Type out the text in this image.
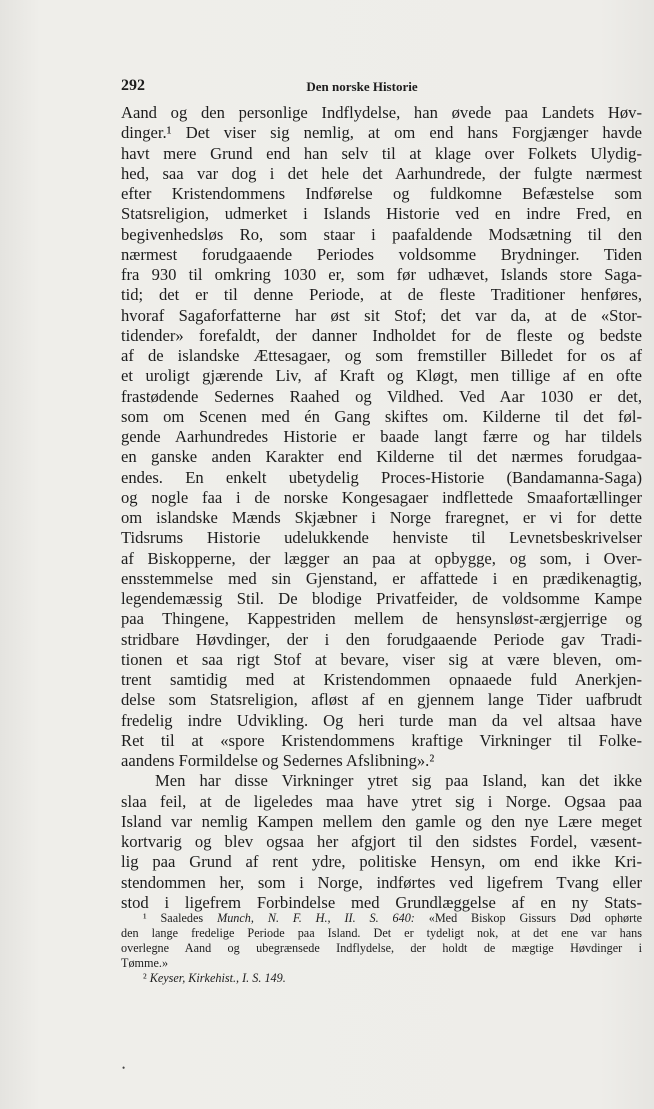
292	Den norske Historie
Aand og den personlige Indflydelse, han øvede paa Landets Høv-
dinger.¹ Det viser sig nemlig, at om end hans Forgjænger havde
havt mere Grund end han selv til at klage over Folkets Ulydig-
hed, saa var dog i det hele det Aarhundrede, der fulgte nærmest
efter Kristendommens Indførelse og fuldkomne Befæstelse som
Statsreligion, udmerket i Islands Historie ved en indre Fred, en
begivenhedsløs Ro, som staar i paafaldende Modsætning til den
nærmest forudgaaende Periodes voldsomme Brydninger. Tiden
fra 930 til omkring 1030 er, som før udhævet, Islands store Saga-
tid; det er til denne Periode, at de fleste Traditioner henføres,
hvoraf Sagaforfatterne har øst sit Stof; det var da, at de «Stor-
tidender» forefaldt, der danner Indholdet for de fleste og bedste
af de islandske Ættesagaer, og som fremstiller Billedet for os af
et uroligt gjærende Liv, af Kraft og Kløgt, men tillige af en ofte
frastødende Sedernes Raahed og Vildhed. Ved Aar 1030 er det,
som om Scenen med én Gang skiftes om. Kilderne til det føl-
gende Aarhundredes Historie er baade langt færre og har tildels
en ganske anden Karakter end Kilderne til det nærmes forudgaa-
endes. En enkelt ubetydelig Proces-Historie (Bandamanna-Saga)
og nogle faa i de norske Kongesagaer indflettede Smaafortællinger
om islandske Mænds Skjæbner i Norge fraregnet, er vi for dette
Tidsrums Historie udelukkende henviste til Levnetsbeskrivelser
af Biskopperne, der lægger an paa at opbygge, og som, i Over-
ensstemmelse med sin Gjenstand, er affattede i en prædikenagtig,
legendemæssig Stil. De blodige Privatfeider, de voldsomme Kampe
paa Thingene, Kappestriden mellem de hensynsløst-ærgjerrige og
stridbare Høvdinger, der i den forudgaaende Periode gav Tradi-
tionen et saa rigt Stof at bevare, viser sig at være bleven, om-
trent samtidig med at Kristendommen opnaaede fuld Anerkjen-
delse som Statsreligion, afløst af en gjennem lange Tider uafbrudt
fredelig indre Udvikling. Og heri turde man da vel altsaa have
Ret til at «spore Kristendommens kraftige Virkninger til Folke-
aandens Formildelse og Sedernes Afslibning».²
Men har disse Virkninger ytret sig paa Island, kan det ikke
slaa feil, at de ligeledes maa have ytret sig i Norge. Ogsaa paa
Island var nemlig Kampen mellem den gamle og den nye Lære meget
kortvarig og blev ogsaa her afgjort til den sidstes Fordel, væsent-
lig paa Grund af rent ydre, politiske Hensyn, om end ikke Kri-
stendommen her, som i Norge, indførtes ved ligefrem Tvang eller
stod i ligefrem Forbindelse med Grundlæggelse af en ny Stats-
¹ Saaledes Munch, N. F. H., II. S. 640: «Med Biskop Gissurs Død ophørte
den lange fredelige Periode paa Island. Det er tydeligt nok, at det ene var hans
overlegne Aand og ubegrænsede Indflydelse, der holdt de mægtige Høvdinger i
Tømme.»
² Keyser, Kirkehist., I. S. 149.
•
